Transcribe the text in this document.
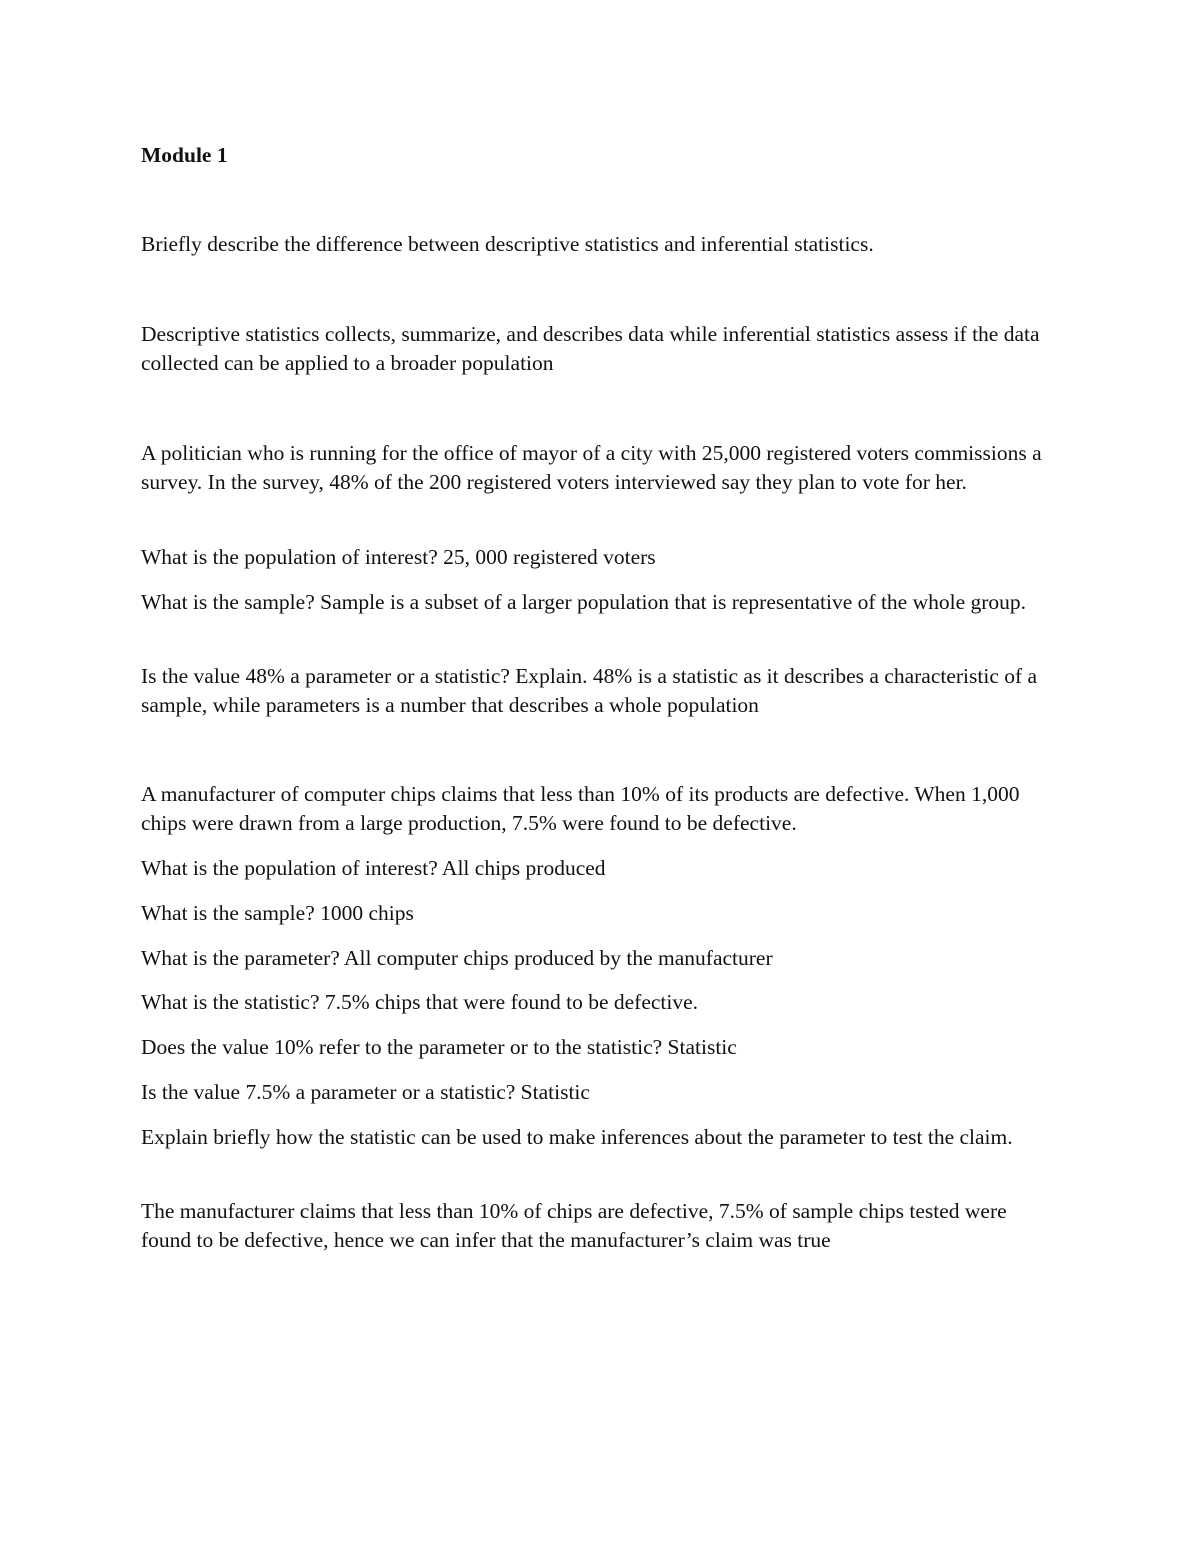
Module 1

Briefly describe the difference between descriptive statistics and inferential statistics.

Descriptive statistics collects, summarize, and describes data while inferential statistics assess if the data collected can be applied to a broader population

A politician who is running for the office of mayor of a city with 25,000 registered voters commissions a survey. In the survey, 48% of the 200 registered voters interviewed say they plan to vote for her.

What is the population of interest? 25, 000 registered voters

What is the sample? Sample is a subset of a larger population that is representative of the whole group.

Is the value 48% a parameter or a statistic? Explain. 48% is a statistic as it describes a characteristic of a sample, while parameters is a number that describes a whole population

A manufacturer of computer chips claims that less than 10% of its products are defective. When 1,000 chips were drawn from a large production, 7.5% were found to be defective.

What is the population of interest? All chips produced

What is the sample? 1000 chips

What is the parameter? All computer chips produced by the manufacturer

What is the statistic? 7.5% chips that were found to be defective.

Does the value 10% refer to the parameter or to the statistic? Statistic

Is the value 7.5% a parameter or a statistic? Statistic

Explain briefly how the statistic can be used to make inferences about the parameter to test the claim.

The manufacturer claims that less than 10% of chips are defective, 7.5% of sample chips tested were found to be defective, hence we can infer that the manufacturer’s claim was true
